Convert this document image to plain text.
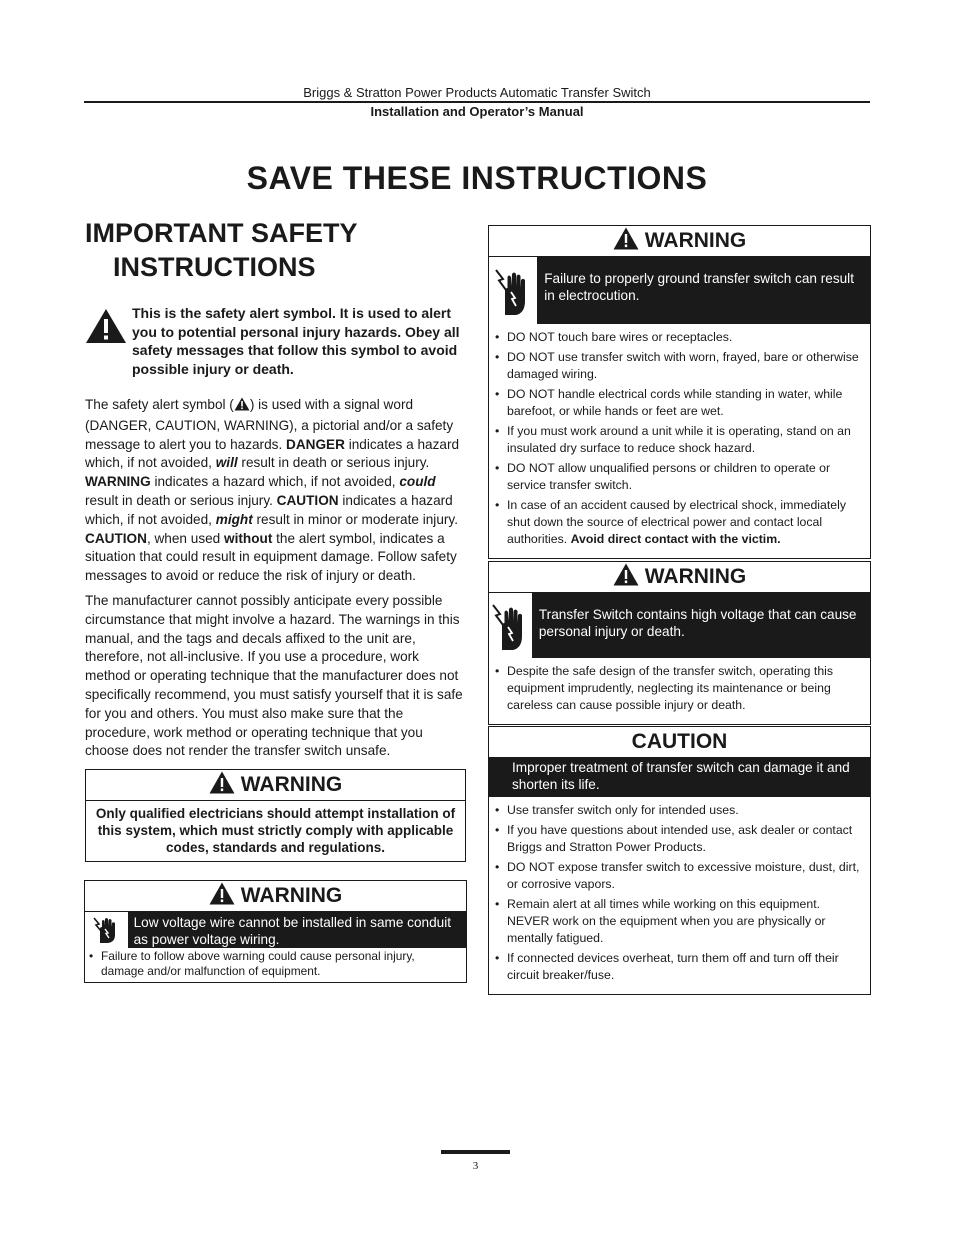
Briggs & Stratton Power Products Automatic Transfer Switch
Installation and Operator’s Manual
SAVE THESE INSTRUCTIONS
IMPORTANT SAFETY
INSTRUCTIONS
This is the safety alert symbol. It is used to alert you to potential personal injury hazards. Obey all safety messages that follow this symbol to avoid possible injury or death.

The safety alert symbol ( ) is used with a signal word (DANGER, CAUTION, WARNING), a pictorial and/or a safety message to alert you to hazards. DANGER indicates a hazard which, if not avoided, will result in death or serious injury. WARNING indicates a hazard which, if not avoided, could result in death or serious injury. CAUTION indicates a hazard which, if not avoided, might result in minor or moderate injury. CAUTION, when used without the alert symbol, indicates a situation that could result in equipment damage. Follow safety messages to avoid or reduce the risk of injury or death.

The manufacturer cannot possibly anticipate every possible circumstance that might involve a hazard. The warnings in this manual, and the tags and decals affixed to the unit are, therefore, not all-inclusive. If you use a procedure, work method or operating technique that the manufacturer does not specifically recommend, you must satisfy yourself that it is safe for you and others. You must also make sure that the procedure, work method or operating technique that you choose does not render the transfer switch unsafe.

WARNING
Only qualified electricians should attempt installation of this system, which must strictly comply with applicable codes, standards and regulations.
WARNING
Low voltage wire cannot be installed in same conduit as power voltage wiring.
• Failure to follow above warning could cause personal injury, damage and/or malfunction of equipment.
WARNING
Failure to properly ground transfer switch can result in electrocution.
• DO NOT touch bare wires or receptacles.
• DO NOT use transfer switch with worn, frayed, bare or otherwise damaged wiring.
• DO NOT handle electrical cords while standing in water, while barefoot, or while hands or feet are wet.
• If you must work around a unit while it is operating, stand on an insulated dry surface to reduce shock hazard.
• DO NOT allow unqualified persons or children to operate or service transfer switch.
• In case of an accident caused by electrical shock, immediately shut down the source of electrical power and contact local authorities. Avoid direct contact with the victim.
WARNING
Transfer Switch contains high voltage that can cause personal injury or death.
• Despite the safe design of the transfer switch, operating this equipment imprudently, neglecting its maintenance or being careless can cause possible injury or death.
CAUTION
Improper treatment of transfer switch can damage it and shorten its life.
• Use transfer switch only for intended uses.
• If you have questions about intended use, ask dealer or contact Briggs and Stratton Power Products.
• DO NOT expose transfer switch to excessive moisture, dust, dirt, or corrosive vapors.
• Remain alert at all times while working on this equipment. NEVER work on the equipment when you are physically or mentally fatigued.
• If connected devices overheat, turn them off and turn off their circuit breaker/fuse.
3
